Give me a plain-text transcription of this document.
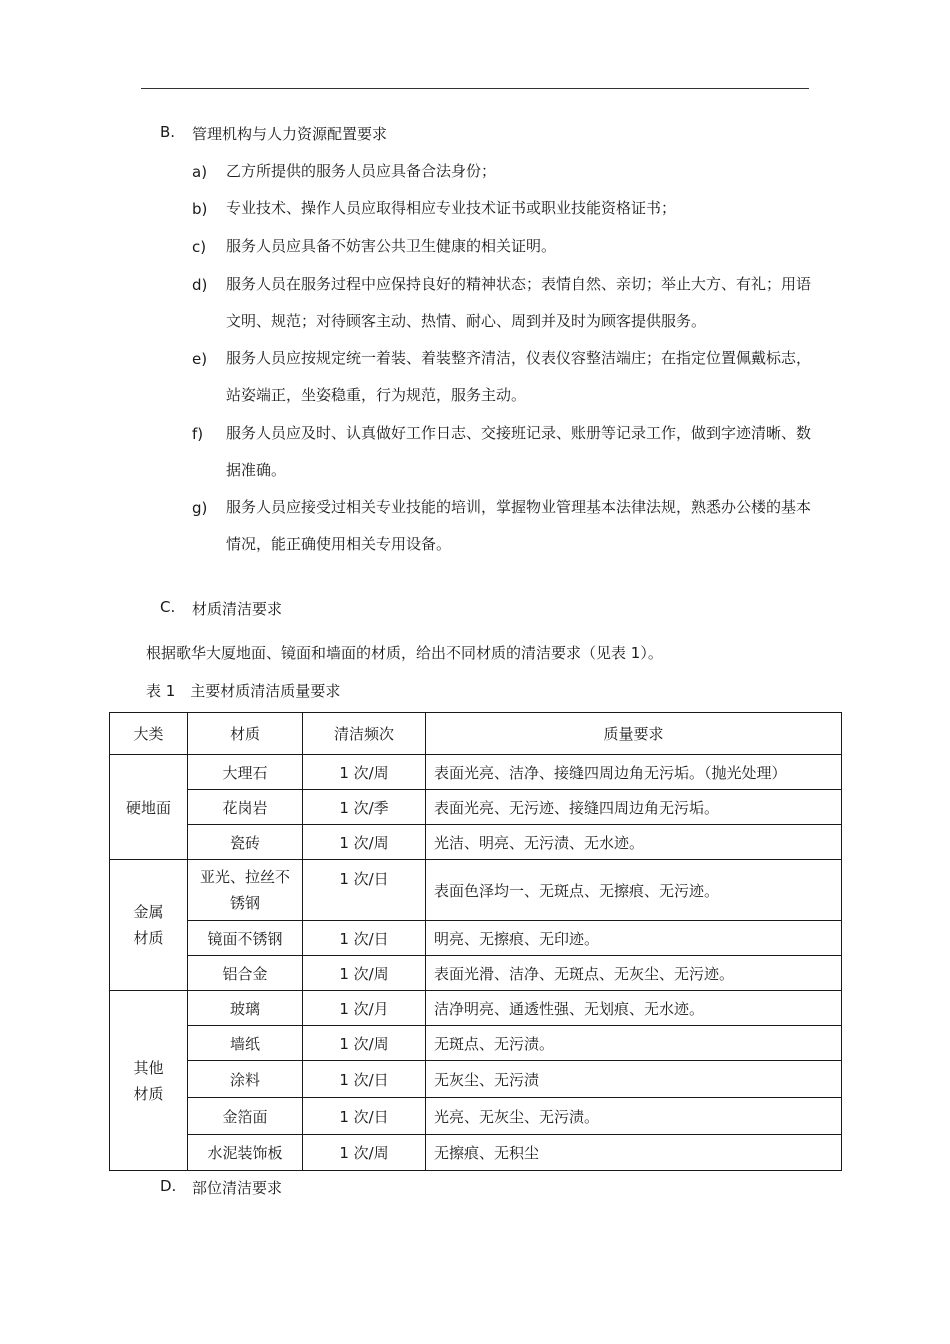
B. 管理机构与人力资源配置要求
a) 乙方所提供的服务人员应具备合法身份；
b) 专业技术、操作人员应取得相应专业技术证书或职业技能资格证书；
c) 服务人员应具备不妨害公共卫生健康的相关证明。
d) 服务人员在服务过程中应保持良好的精神状态；表情自然、亲切；举止大方、有礼；用语文明、规范；对待顾客主动、热情、耐心、周到并及时为顾客提供服务。
e) 服务人员应按规定统一着装、着装整齐清洁，仪表仪容整洁端庄；在指定位置佩戴标志，站姿端正，坐姿稳重，行为规范，服务主动。
f) 服务人员应及时、认真做好工作日志、交接班记录、账册等记录工作，做到字迹清晰、数据准确。
g) 服务人员应接受过相关专业技能的培训，掌握物业管理基本法律法规，熟悉办公楼的基本情况，能正确使用相关专用设备。
C. 材质清洁要求
根据歌华大厦地面、镜面和墙面的材质，给出不同材质的清洁要求（见表 1）。
表 1　主要材质清洁质量要求
大类	材质	清洁频次	质量要求
硬地面	大理石	1 次/周	表面光亮、洁净、接缝四周边角无污垢。（抛光处理）
	花岗岩	1 次/季	表面光亮、无污迹、接缝四周边角无污垢。
	瓷砖	1 次/周	光洁、明亮、无污渍、无水迹。
金属材质	亚光、拉丝不锈钢	1 次/日	表面色泽均一、无斑点、无擦痕、无污迹。
	镜面不锈钢	1 次/日	明亮、无擦痕、无印迹。
	铝合金	1 次/周	表面光滑、洁净、无斑点、无灰尘、无污迹。
其他材质	玻璃	1 次/月	洁净明亮、通透性强、无划痕、无水迹。
	墙纸	1 次/周	无斑点、无污渍。
	涂料	1 次/日	无灰尘、无污渍
	金箔面	1 次/日	光亮、无灰尘、无污渍。
	水泥装饰板	1 次/周	无擦痕、无积尘
D. 部位清洁要求
